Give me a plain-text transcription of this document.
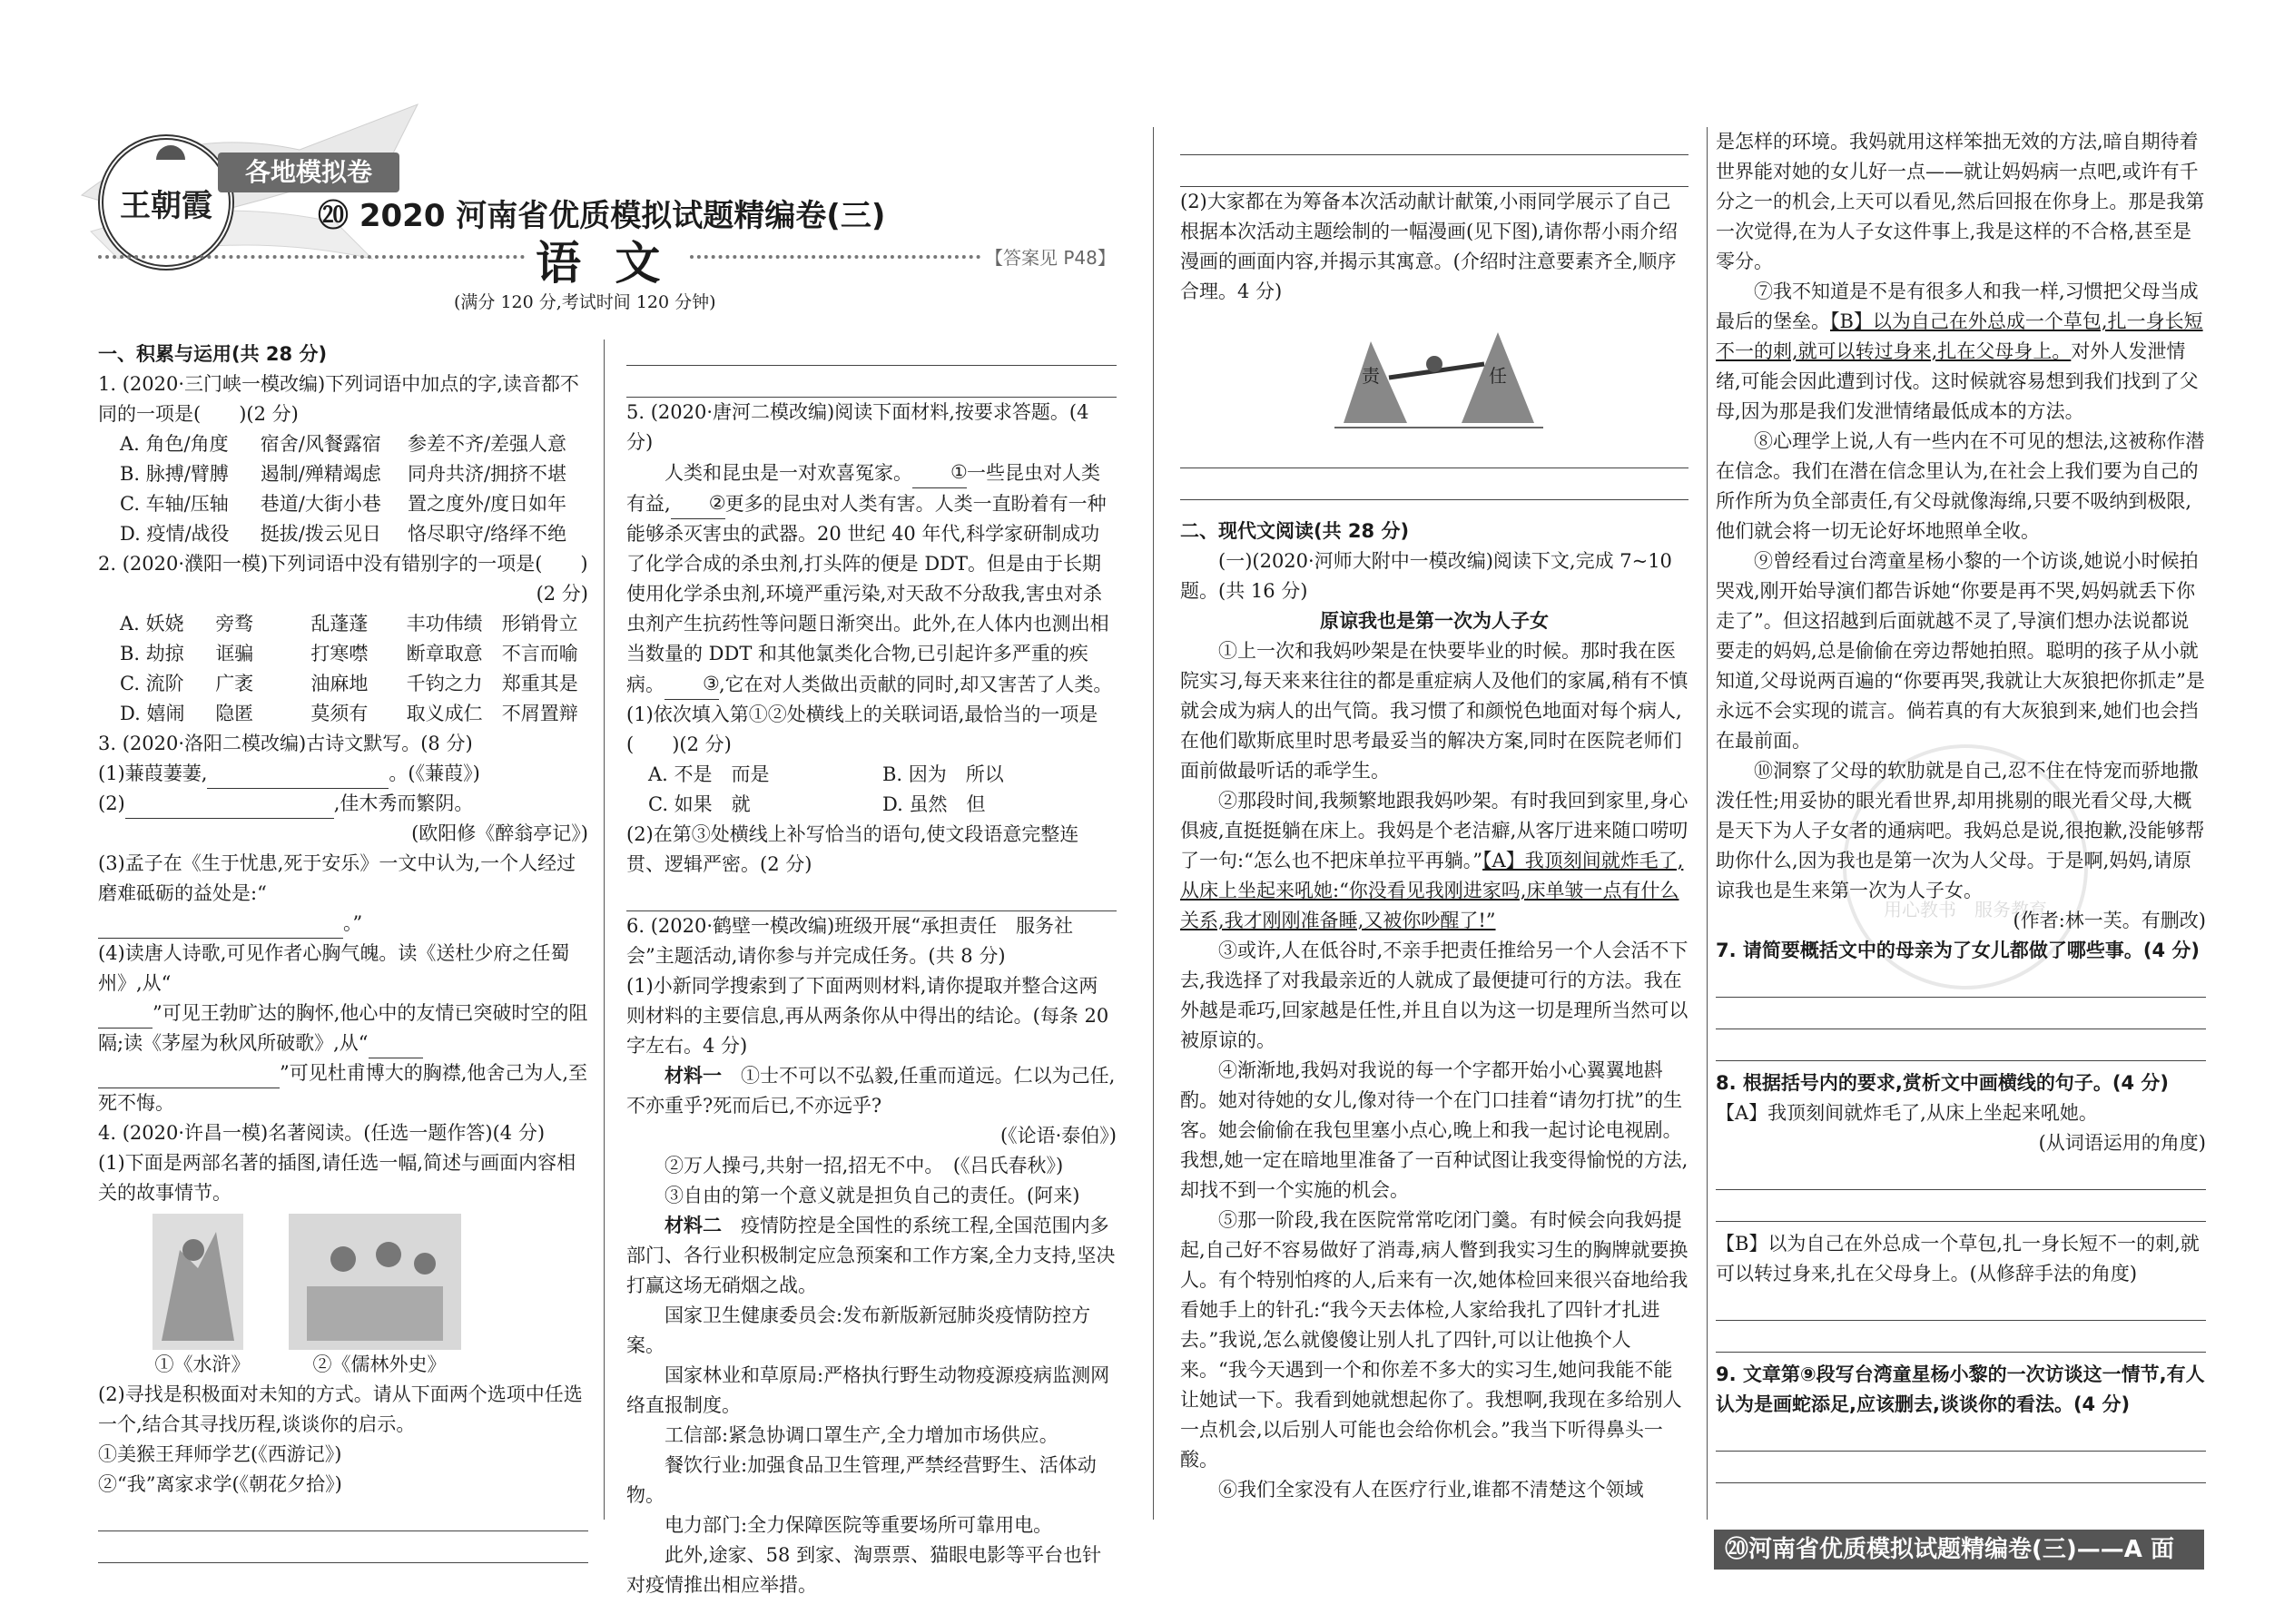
王朝霞
各地模拟卷
⑳ 2020 河南省优质模拟试题精编卷(三)
语 文	【答案见 P48】
(满分 120 分,考试时间 120 分钟)

一、积累与运用(共 28 分)

1. (2020·三门峡一模改编)下列词语中加点的字,读音都不同的一项是(　　)(2 分)

A. 角色/角度	宿舍/风餐露宿	参差不齐/差强人意
B. 脉搏/臂膊	遏制/殚精竭虑	同舟共济/拥挤不堪
C. 车轴/压轴	巷道/大街小巷	置之度外/度日如年
D. 疫情/战役	挺拔/拨云见日	恪尽职守/络绎不绝

2. (2020·濮阳一模)下列词语中没有错别字的一项是(　　)

(2 分)

A. 妖娆	旁骛	乱蓬蓬	丰功伟绩	形销骨立
B. 劫掠	诓骗	打寒噤	断章取意	不言而喻
C. 流阶	广袤	油麻地	千钧之力	郑重其是
D. 嬉闹	隐匿	莫须有	取义成仁	不屑置辩

3. (2020·洛阳二模改编)古诗文默写。(8 分)

(1)蒹葭萋萋,	。(《蒹葭》)

(2)	,佳木秀而繁阴。

(欧阳修《醉翁亭记》)

(3)孟子在《生于忧患,死于安乐》一文中认为,一个人经过磨难砥砺的益处是:“

。”

(4)读唐人诗歌,可见作者心胸气魄。读《送杜少府之任蜀州》,从“

”可见王勃旷达的胸怀,他心中的友情已突破时空的阻隔;读《茅屋为秋风所破歌》,从“

”可见杜甫博大的胸襟,他舍己为人,至死不悔。

4. (2020·许昌一模)名著阅读。(任选一题作答)(4 分)

(1)下面是两部名著的插图,请任选一幅,简述与画面内容相关的故事情节。

①《水浒》	②《儒林外史》

(2)寻找是积极面对未知的方式。请从下面两个选项中任选一个,结合其寻找历程,谈谈你的启示。

①美猴王拜师学艺(《西游记》)

②“我”离家求学(《朝花夕拾》)

5. (2020·唐河二模改编)阅读下面材料,按要求答题。(4 分)

人类和昆虫是一对欢喜冤家。 ①一些昆虫对人类有益, ②更多的昆虫对人类有害。人类一直盼着有一种能够杀灭害虫的武器。20 世纪 40 年代,科学家研制成功了化学合成的杀虫剂,打头阵的便是 DDT。但是由于长期使用化学杀虫剂,环境严重污染,对天敌不分敌我,害虫对杀虫剂产生抗药性等问题日渐突出。此外,在人体内也测出相当数量的 DDT 和其他氯类化合物,已引起许多严重的疾病。 ③,它在对人类做出贡献的同时,却又害苦了人类。

(1)依次填入第①②处横线上的关联词语,最恰当的一项是(　　)(2 分)

A. 不是　而是	B. 因为　所以
C. 如果　就	D. 虽然　但

(2)在第③处横线上补写恰当的语句,使文段语意完整连贯、逻辑严密。(2 分)

6. (2020·鹤壁一模改编)班级开展“承担责任　服务社会”主题活动,请你参与并完成任务。(共 8 分)

(1)小新同学搜索到了下面两则材料,请你提取并整合这两则材料的主要信息,再从两条你从中得出的结论。(每条 20 字左右。4 分)

材料一　 ①士不可以不弘毅,任重而道远。仁以为己任,不亦重乎?死而后已,不亦远乎?

(《论语·泰伯》)

②万人操弓,共射一招,招无不中。　 (《吕氏春秋》)

③自由的第一个意义就是担负自己的责任。(阿来)

材料二　 疫情防控是全国性的系统工程,全国范围内多部门、各行业积极制定应急预案和工作方案,全力支持,坚决打赢这场无硝烟之战。

国家卫生健康委员会:发布新版新冠肺炎疫情防控方案。

国家林业和草原局:严格执行野生动物疫源疫病监测网络直报制度。

工信部:紧急协调口罩生产,全力增加市场供应。

餐饮行业:加强食品卫生管理,严禁经营野生、活体动物。

电力部门:全力保障医院等重要场所可靠用电。

此外,途家、58 到家、淘票票、猫眼电影等平台也针对疫情推出相应举措。

(2)大家都在为筹备本次活动献计献策,小雨同学展示了自己根据本次活动主题绘制的一幅漫画(见下图),请你帮小雨介绍漫画的画面内容,并揭示其寓意。(介绍时注意要素齐全,顺序合理。4 分)

责	任

二、现代文阅读(共 28 分)

(一)(2020·河师大附中一模改编)阅读下文,完成 7~10 题。(共 16 分)

原谅我也是第一次为人子女

①上一次和我妈吵架是在快要毕业的时候。那时我在医院实习,每天来来往往的都是重症病人及他们的家属,稍有不慎就会成为病人的出气筒。我习惯了和颜悦色地面对每个病人,在他们歇斯底里时思考最妥当的解决方案,同时在医院老师们面前做最听话的乖学生。

②那段时间,我频繁地跟我妈吵架。有时我回到家里,身心俱疲,直挺挺躺在床上。我妈是个老洁癖,从客厅进来随口唠叨了一句:“怎么也不把床单拉平再躺。”【A】我顶刻间就炸毛了,从床上坐起来吼她:“你没看见我刚进家吗,床单皱一点有什么关系,我才刚刚准备睡,又被你吵醒了!”

③或许,人在低谷时,不亲手把责任推给另一个人会活不下去,我选择了对我最亲近的人就成了最便捷可行的方法。我在外越是乖巧,回家越是任性,并且自以为这一切是理所当然可以被原谅的。

④渐渐地,我妈对我说的每一个字都开始小心翼翼地斟酌。她对待她的女儿,像对待一个在门口挂着“请勿打扰”的生客。她会偷偷在我包里塞小点心,晚上和我一起讨论电视剧。我想,她一定在暗地里准备了一百种试图让我变得愉悦的方法,却找不到一个实施的机会。

⑤那一阶段,我在医院常常吃闭门羹。有时候会向我妈提起,自己好不容易做好了消毒,病人瞥到我实习生的胸牌就要换人。有个特别怕疼的人,后来有一次,她体检回来很兴奋地给我看她手上的针孔:“我今天去体检,人家给我扎了四针才扎进去。”我说,怎么就傻傻让别人扎了四针,可以让他换个人来。“我今天遇到一个和你差不多大的实习生,她问我能不能让她试一下。我看到她就想起你了。我想啊,我现在多给别人一点机会,以后别人可能也会给你机会。”我当下听得鼻头一酸。

⑥我们全家没有人在医疗行业,谁都不清楚这个领域

是怎样的环境。我妈就用这样笨拙无效的方法,暗自期待着世界能对她的女儿好一点——就让妈妈病一点吧,或许有千分之一的机会,上天可以看见,然后回报在你身上。那是我第一次觉得,在为人子女这件事上,我是这样的不合格,甚至是零分。

⑦我不知道是不是有很多人和我一样,习惯把父母当成最后的堡垒。【B】以为自己在外总成一个草包,扎一身长短不一的刺,就可以转过身来,扎在父母身上。对外人发泄情绪,可能会因此遭到讨伐。这时候就容易想到我们找到了父母,因为那是我们发泄情绪最低成本的方法。

⑧心理学上说,人有一些内在不可见的想法,这被称作潜在信念。我们在潜在信念里认为,在社会上我们要为自己的所作所为负全部责任,有父母就像海绵,只要不吸纳到极限,他们就会将一切无论好坏地照单全收。

⑨曾经看过台湾童星杨小黎的一个访谈,她说小时候拍哭戏,刚开始导演们都告诉她“你要是再不哭,妈妈就丢下你走了”。但这招越到后面就越不灵了,导演们想办法说都说要走的妈妈,总是偷偷在旁边帮她拍照。聪明的孩子从小就知道,父母说两百遍的“你要再哭,我就让大灰狼把你抓走”是永远不会实现的谎言。倘若真的有大灰狼到来,她们也会挡在最前面。

⑩洞察了父母的软肋就是自己,忍不住在恃宠而骄地撒泼任性;用妥协的眼光看世界,却用挑剔的眼光看父母,大概是天下为人子女者的通病吧。我妈总是说,很抱歉,没能够帮助你什么,因为我也是第一次为人父母。于是啊,妈妈,请原谅我也是生来第一次为人子女。

(作者:林一芙。有删改)

7. 请简要概括文中的母亲为了女儿都做了哪些事。(4 分)

8. 根据括号内的要求,赏析文中画横线的句子。(4 分)

【A】我顶刻间就炸毛了,从床上坐起来吼她。

(从词语运用的角度)

【B】以为自己在外总成一个草包,扎一身长短不一的刺,就可以转过身来,扎在父母身上。(从修辞手法的角度)

9. 文章第⑨段写台湾童星杨小黎的一次访谈这一情节,有人认为是画蛇添足,应该删去,谈谈你的看法。(4 分)

用心教书　服务教育
⑳河南省优质模拟试题精编卷(三)——A 面
